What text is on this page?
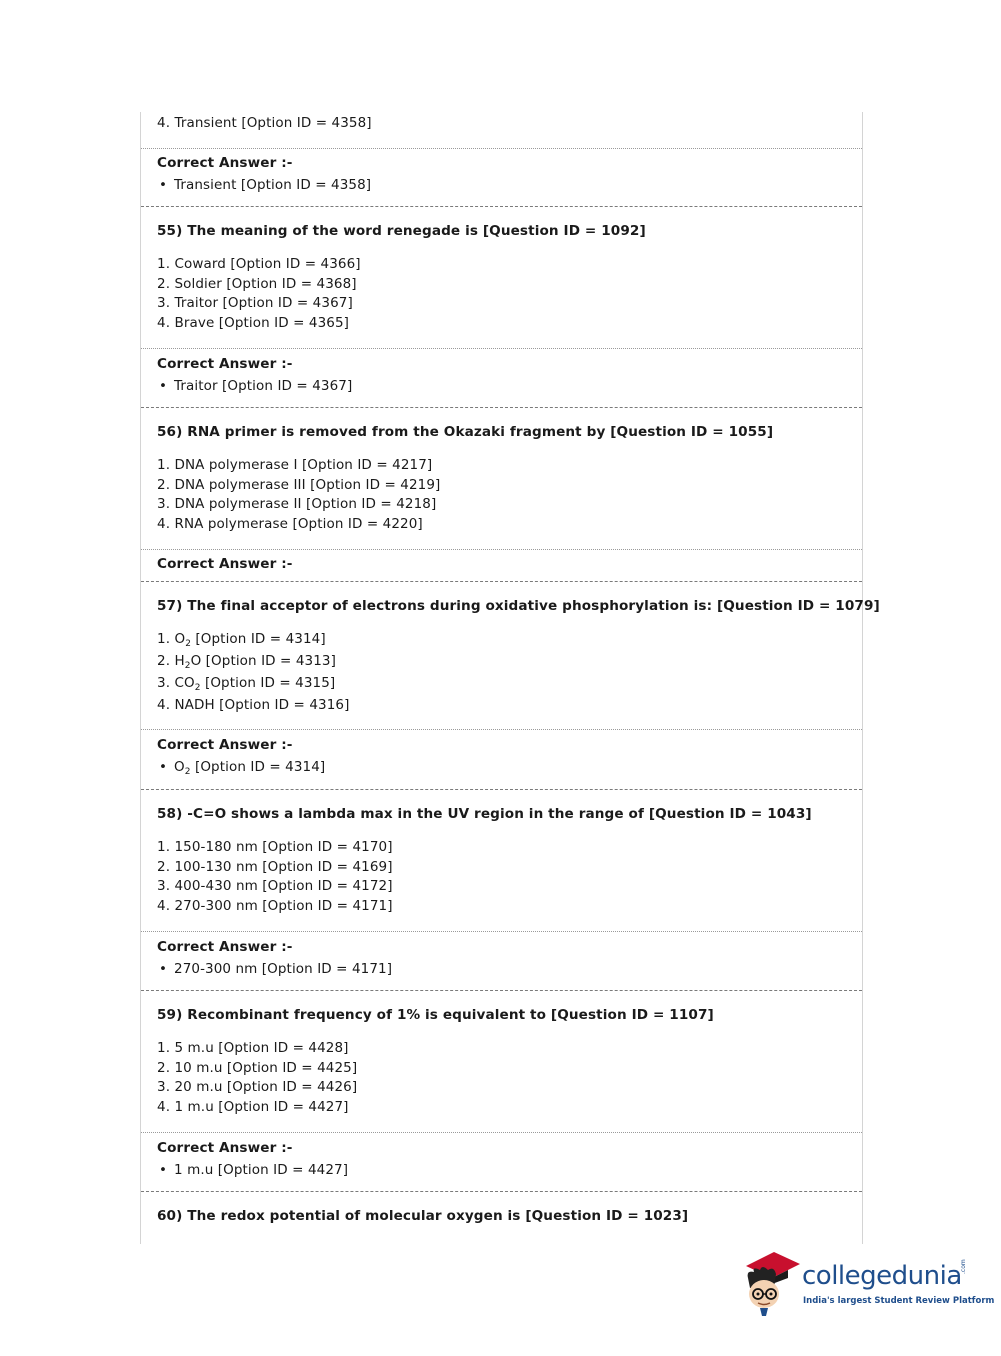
4. Transient [Option ID = 4358]
Correct Answer :-
• Transient [Option ID = 4358]
55) The meaning of the word renegade is [Question ID = 1092]
1. Coward [Option ID = 4366]
2. Soldier [Option ID = 4368]
3. Traitor [Option ID = 4367]
4. Brave [Option ID = 4365]
Correct Answer :-
• Traitor [Option ID = 4367]
56) RNA primer is removed from the Okazaki fragment by [Question ID = 1055]
1. DNA polymerase I [Option ID = 4217]
2. DNA polymerase III [Option ID = 4219]
3. DNA polymerase II [Option ID = 4218]
4. RNA polymerase [Option ID = 4220]
Correct Answer :-
57) The final acceptor of electrons during oxidative phosphorylation is: [Question ID = 1079]
1. $O_2$ [Option ID = 4314]
2. $H_2O$ [Option ID = 4313]
3. $CO_2$ [Option ID = 4315]
4. NADH [Option ID = 4316]
Correct Answer :-
• $O_2$ [Option ID = 4314]
58) -C=O shows a lambda max in the UV region in the range of [Question ID = 1043]
1. 150-180 nm [Option ID = 4170]
2. 100-130 nm [Option ID = 4169]
3. 400-430 nm [Option ID = 4172]
4. 270-300 nm [Option ID = 4171]
Correct Answer :-
• 270-300 nm [Option ID = 4171]
59) Recombinant frequency of 1% is equivalent to [Question ID = 1107]
1. 5 m.u [Option ID = 4428]
2. 10 m.u [Option ID = 4425]
3. 20 m.u [Option ID = 4426]
4. 1 m.u [Option ID = 4427]
Correct Answer :-
• 1 m.u [Option ID = 4427]
60) The redox potential of molecular oxygen is [Question ID = 1023]
collegedunia
.com
India's largest Student Review Platform
